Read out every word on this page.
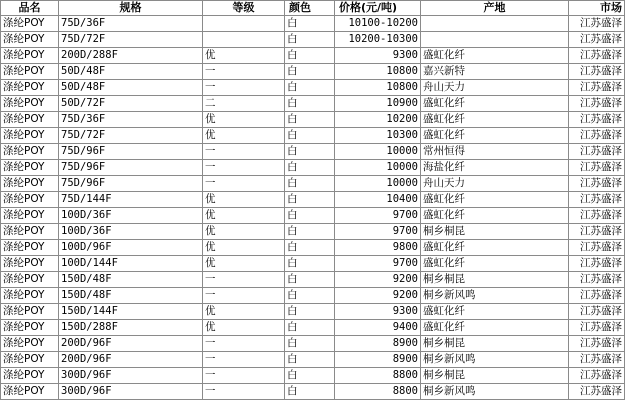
品名	规格	等级	颜色	价格(元/吨)	产地	市场
涤纶POY	75D/36F		白	10100-10200		江苏盛泽
涤纶POY	75D/72F		白	10200-10300		江苏盛泽
涤纶POY	200D/288F	优	白	9300	盛虹化纤	江苏盛泽
涤纶POY	50D/48F	一	白	10800	嘉兴新特	江苏盛泽
涤纶POY	50D/48F	一	白	10800	舟山天力	江苏盛泽
涤纶POY	50D/72F	二	白	10900	盛虹化纤	江苏盛泽
涤纶POY	75D/36F	优	白	10200	盛虹化纤	江苏盛泽
涤纶POY	75D/72F	优	白	10300	盛虹化纤	江苏盛泽
涤纶POY	75D/96F	一	白	10000	常州恒得	江苏盛泽
涤纶POY	75D/96F	一	白	10000	海盐化纤	江苏盛泽
涤纶POY	75D/96F	一	白	10000	舟山天力	江苏盛泽
涤纶POY	75D/144F	优	白	10400	盛虹化纤	江苏盛泽
涤纶POY	100D/36F	优	白	9700	盛虹化纤	江苏盛泽
涤纶POY	100D/36F	优	白	9700	桐乡桐昆	江苏盛泽
涤纶POY	100D/96F	优	白	9800	盛虹化纤	江苏盛泽
涤纶POY	100D/144F	优	白	9700	盛虹化纤	江苏盛泽
涤纶POY	150D/48F	一	白	9200	桐乡桐昆	江苏盛泽
涤纶POY	150D/48F	一	白	9200	桐乡新风鸣	江苏盛泽
涤纶POY	150D/144F	优	白	9300	盛虹化纤	江苏盛泽
涤纶POY	150D/288F	优	白	9400	盛虹化纤	江苏盛泽
涤纶POY	200D/96F	一	白	8900	桐乡桐昆	江苏盛泽
涤纶POY	200D/96F	一	白	8900	桐乡新风鸣	江苏盛泽
涤纶POY	300D/96F	一	白	8800	桐乡桐昆	江苏盛泽
涤纶POY	300D/96F	一	白	8800	桐乡新风鸣	江苏盛泽
